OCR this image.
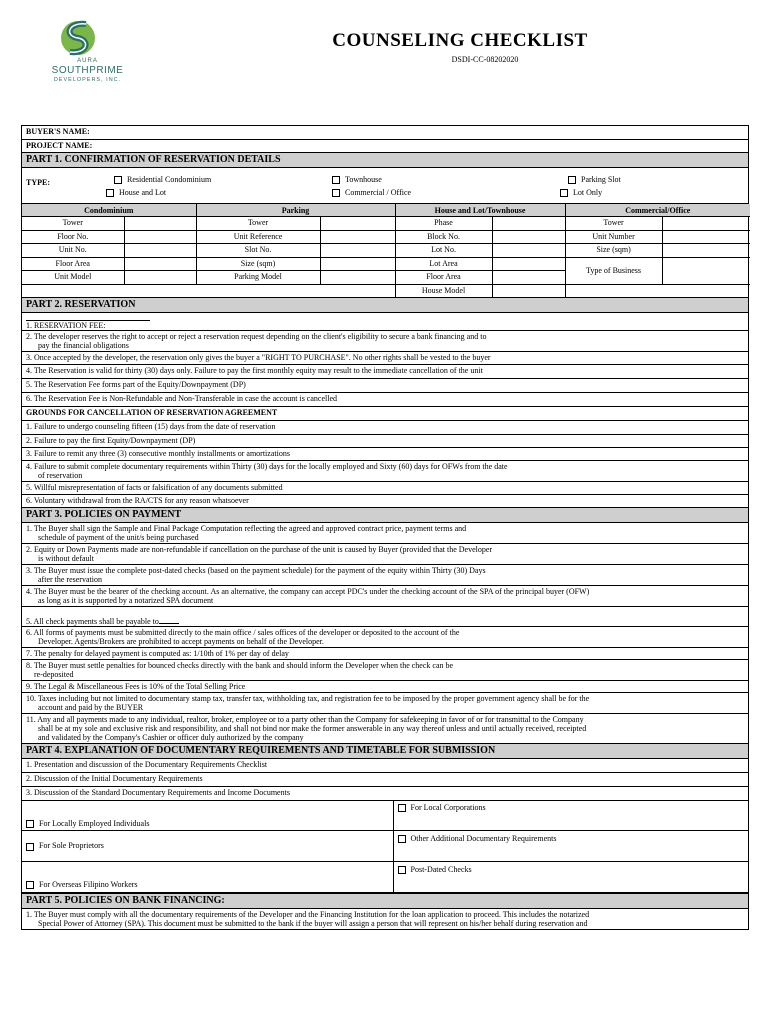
AURA
SOUTHPRIME
DEVELOPERS, INC.
COUNSELING CHECKLIST
DSDI-CC-08202020
BUYER'S NAME:
PROJECT NAME:
PART 1. CONFIRMATION OF RESERVATION DETAILS
TYPE:	Residential Condominium
House and Lot
Townhouse
Commercial / Office
Parking Slot
Lot Only
Condominium		Parking		House and Lot/Townhouse		Commercial/Office	
Tower		Tower		Phase		Tower	
Floor No.		Unit Reference		Block No.		Unit Number	
Unit No.		Slot No.		Lot No.		Size (sqm)	
Floor Area		Size (sqm)		Lot Area		Type of Business	
Unit Model		Parking Model		Floor Area			
				House Model			
PART 2. RESERVATION
1. RESERVATION FEE:
2. The developer reserves the right to accept or reject a reservation request depending on the client's eligibility to secure a bank financing and to
pay the financial obligations
3. Once accepted by the developer, the reservation only gives the buyer a "RIGHT TO PURCHASE". No other rights shall be vested to the buyer
4. The Reservation is valid for thirty (30) days only. Failure to pay the first monthly equity may result to the immediate cancellation of the unit
5. The Reservation Fee forms part of the Equity/Downpayment (DP)
6. The Reservation Fee is Non-Refundable and Non-Transferable in case the account is cancelled
GROUNDS FOR CANCELLATION OF RESERVATION AGREEMENT
1. Failure to undergo counseling fifteen (15) days from the date of reservation
2. Failure to pay the first Equity/Downpayment (DP)
3. Failure to remit any three (3) consecutive monthly installments or amortizations
4. Failure to submit complete documentary requirements within Thirty (30) days for the locally employed and Sixty (60) days for OFWs from the date
of reservation
5. Willful misrepresentation of facts or falsification of any documents submitted
6. Voluntary withdrawal from the RA/CTS for any reason whatsoever
PART 3. POLICIES ON PAYMENT
1. The Buyer shall sign the Sample and Final Package Computation reflecting the agreed and approved contract price, payment terms and
schedule of payment of the unit/s being purchased
2. Equity or Down Payments made are non-refundable if cancellation on the purchase of the unit is caused by Buyer (provided that the Developer
is without default
3. The Buyer must issue the complete post-dated checks (based on the payment schedule) for the payment of the equity within Thirty (30) Days
after the reservation
4. The Buyer must be the bearer of the checking account. As an alternative, the company can accept PDC's under the checking account of the SPA of the principal buyer (OFW)
as long as it is supported by a notarized SPA document
5. All check payments shall be payable to
6. All forms of payments must be submitted directly to the main office / sales offices of the developer or deposited to the account of the
Developer. Agents/Brokers are prohibited to accept payments on behalf of the Developer.
7. The penalty for delayed payment is computed as: 1/10th of 1% per day of delay
8. The Buyer must settle penalties for bounced checks directly with the bank and should inform the Developer when the check can be
re-deposited
9. The Legal & Miscellaneous Fees is 10% of the Total Selling Price
10. Taxes including but not limited to documentary stamp tax, transfer tax, withholding tax, and registration fee to be imposed by the proper government agency shall be for the
account and paid by the BUYER
11. Any and all payments made to any individual, realtor, broker, employee or to a party other than the Company for safekeeping in favor of or for transmittal to the Company
shall be at my sole and exclusive risk and responsibility, and shall not bind nor make the former answerable in any way thereof unless and until actually received, receipted
and validated by the Company's Cashier or officer duly authorized by the company
PART 4. EXPLANATION OF DOCUMENTARY REQUIREMENTS AND TIMETABLE FOR SUBMISSION
1. Presentation and discussion of the Documentary Requirements Checklist
2. Discussion of the Initial Documentary Requirements
3. Discussion of the Standard Documentary Requirements and Income Documents
For Locally Employed Individuals	For Local Corporations
For Sole Proprietors	Other Additional Documentary Requirements
For Overseas Filipino Workers	Post-Dated Checks
PART 5. POLICIES ON BANK FINANCING:
1. The Buyer must comply with all the documentary requirements of the Developer and the Financing Institution for the loan application to proceed. This includes the notarized
Special Power of Attorney (SPA). This document must be submitted to the bank if the buyer will assign a person that will represent on his/her behalf during reservation and
